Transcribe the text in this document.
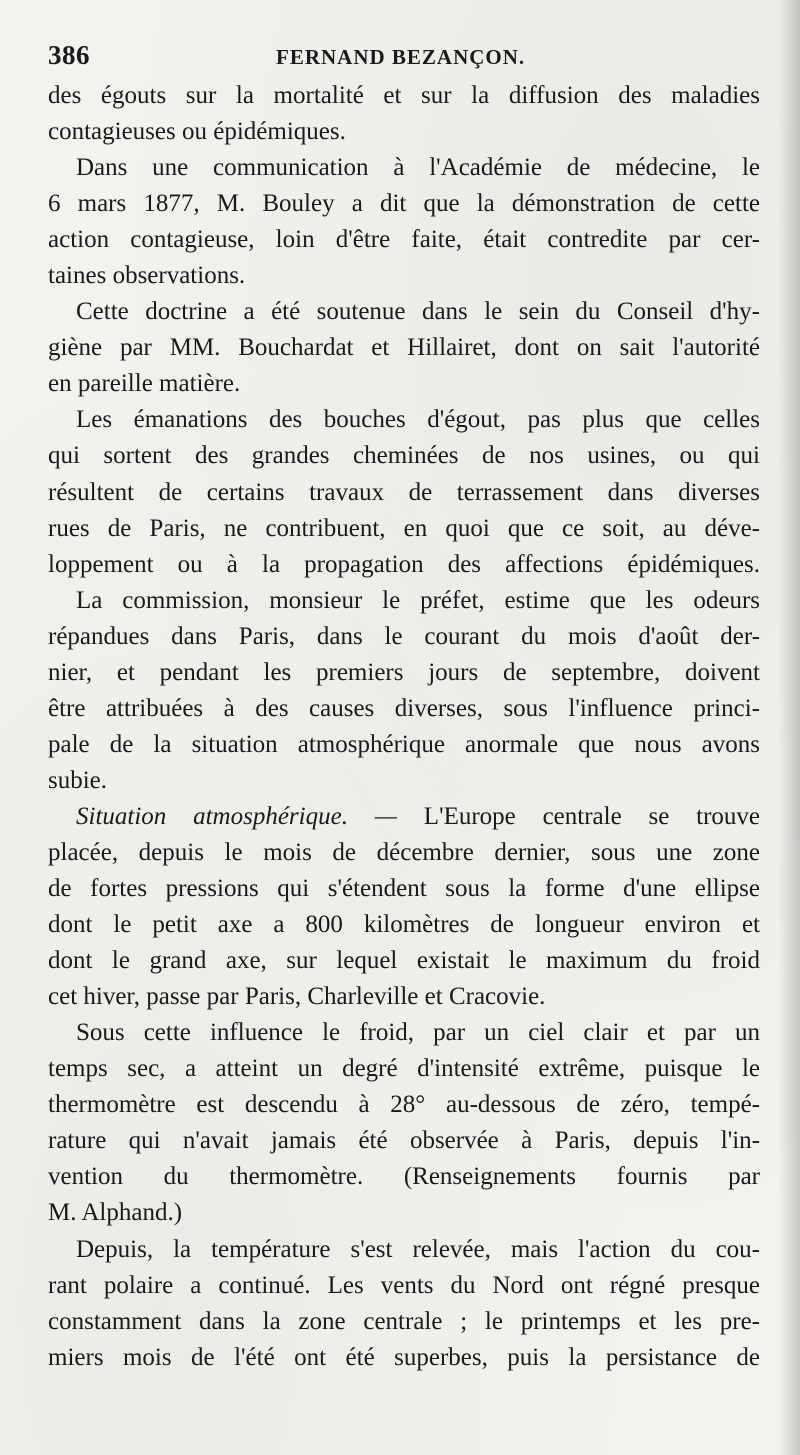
386	FERNAND BEZANÇON.
des égouts sur la mortalité et sur la diffusion des maladies
contagieuses ou épidémiques.
Dans une communication à l'Académie de médecine, le
6 mars 1877, M. Bouley a dit que la démonstration de cette
action contagieuse, loin d'être faite, était contredite par cer-
taines observations.
Cette doctrine a été soutenue dans le sein du Conseil d'hy-
giène par MM. Bouchardat et Hillairet, dont on sait l'autorité
en pareille matière.
Les émanations des bouches d'égout, pas plus que celles
qui sortent des grandes cheminées de nos usines, ou qui
résultent de certains travaux de terrassement dans diverses
rues de Paris, ne contribuent, en quoi que ce soit, au déve-
loppement ou à la propagation des affections épidémiques.
La commission, monsieur le préfet, estime que les odeurs
répandues dans Paris, dans le courant du mois d'août der-
nier, et pendant les premiers jours de septembre, doivent
être attribuées à des causes diverses, sous l'influence princi-
pale de la situation atmosphérique anormale que nous avons
subie.
Situation atmosphérique. — L'Europe centrale se trouve
placée, depuis le mois de décembre dernier, sous une zone
de fortes pressions qui s'étendent sous la forme d'une ellipse
dont le petit axe a 800 kilomètres de longueur environ et
dont le grand axe, sur lequel existait le maximum du froid
cet hiver, passe par Paris, Charleville et Cracovie.
Sous cette influence le froid, par un ciel clair et par un
temps sec, a atteint un degré d'intensité extrême, puisque le
thermomètre est descendu à 28° au-dessous de zéro, tempé-
rature qui n'avait jamais été observée à Paris, depuis l'in-
vention du thermomètre. (Renseignements fournis par
M. Alphand.)
Depuis, la température s'est relevée, mais l'action du cou-
rant polaire a continué. Les vents du Nord ont régné presque
constamment dans la zone centrale ; le printemps et les pre-
miers mois de l'été ont été superbes, puis la persistance de
